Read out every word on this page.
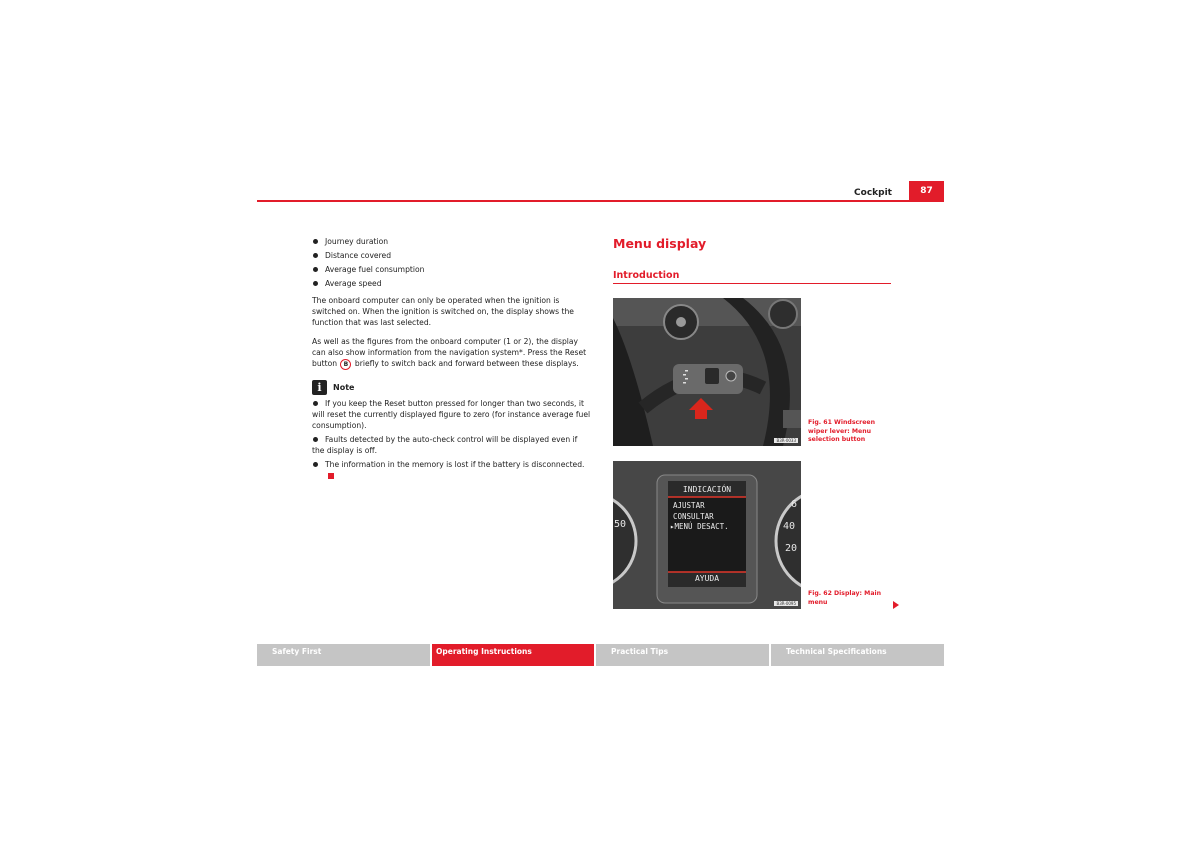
Cockpit	87
Journey duration
Distance covered
Average fuel consumption
Average speed

The onboard computer can only be operated when the ignition is switched on. When the ignition is switched on, the display shows the function that was last selected.

As well as the figures from the onboard computer (1 or 2), the display can also show information from the navigation system*. Press the Reset button B briefly to switch back and forward between these displays.

i	Note
If you keep the Reset button pressed for longer than two seconds, it will reset the currently displayed figure to zero (for instance average fuel consumption).
Faults detected by the auto-check control will be displayed even if the display is off.
The information in the memory is lost if the battery is disconnected.
Menu display
Introduction
B3R-0033
Fig. 61 Windscreen wiper lever: Menu selection button
50
6
40
20
INDICACIÓN
AJUSTAR
CONSULTAR
▸MENÚ DESACT.
AYUDA
B3R-0095
Fig. 62 Display: Main menu
Safety First	Operating Instructions	Practical Tips	Technical Specifications
